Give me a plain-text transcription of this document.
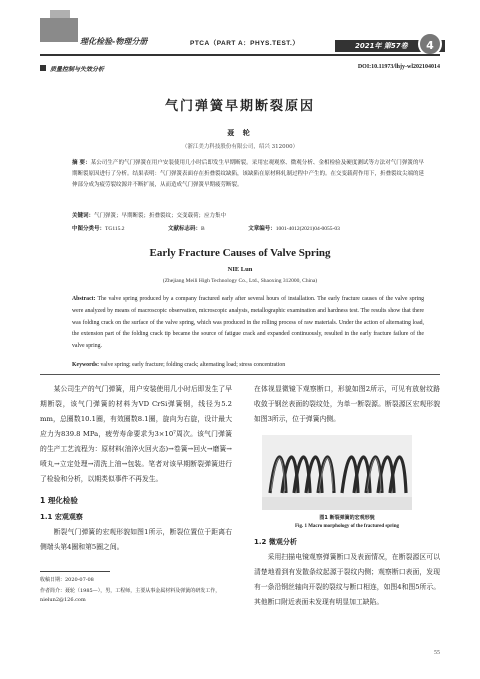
理化检验-物理分册	PTCA（PART A：PHYS.TEST.）	2021年 第57卷	4
质量控制与失效分析	DOI:10.11973/lhjy-wl202104014
气门弹簧早期断裂原因
聂 轮
（浙江美力科技股份有限公司，绍兴 312000）
摘 要：某公司生产的气门弹簧在用户安装使用几小时后即发生早期断裂。采用宏观观察、微观分析、金相检验及硬度测试等方法对气门弹簧的早期断裂原因进行了分析。结果表明：气门弹簧表面存在折叠裂纹缺陷，该缺陷在原材料轧制过程中产生的。在交变载荷作用下，折叠裂纹尖端的延伸部分成为疲劳裂纹源并不断扩展，从而造成气门弹簧早期疲劳断裂。
关键词：气门弹簧；早期断裂；折叠裂纹；交变载荷；应力集中
中图分类号：TG115.2	文献标志码：B	文章编号：1001-4012(2021)04-0055-03
Early Fracture Causes of Valve Spring
NIE Lun
(Zhejiang Meili High Technology Co., Ltd., Shaoxing 312000, China)
Abstract: The valve spring produced by a company fractured early after several hours of installation. The early fracture causes of the valve spring were analyzed by means of macroscopic observation, microscopic analysis, metallographic examination and hardness test. The results show that there was folding crack on the surface of the valve spring, which was produced in the rolling process of raw materials. Under the action of alternating load, the extension part of the folding crack tip became the source of fatigue crack and expanded continuously, resulted in the early fracture failure of the valve spring.
Keywords: valve spring; early fracture; folding crack; alternating load; stress concentration

某公司生产的气门弹簧，用户安装使用几小时后即发生了早期断裂，该气门弹簧的材料为VD CrSi弹簧钢，线径为5.2 mm，总圈数10.1圈，有效圈数8.1圈，旋向为右旋，设计最大应力为839.8 MPa，疲劳寿命要求为3×10⁷周次。该气门弹簧的生产工艺流程为：原材料(油淬火回火态)→卷簧→回火→磨簧→喷丸→立定处理→清洗上油→包装。笔者对该早期断裂弹簧进行了检验和分析，以期类似事件不再发生。

1 理化检验

1.1 宏观观察

断裂气门弹簧的宏观形貌如图1所示，断裂位置位于距离右侧端头第4圈和第5圈之间。

收稿日期：2020-07-08
作者简介：聂轮（1985—），男，工程师，主要从事金属材料及弹簧的研发工作，nielun2@126.com
在体视显微镜下观察断口，形貌如图2所示，可见有放射纹路收敛于钢丝表面的裂纹处，为单一断裂源。断裂源区宏观形貌如图3所示，位于弹簧内侧。
图1 断裂弹簧的宏观形貌
Fig. 1 Macro morphology of the fractured spring

1.2 微观分析

采用扫描电镜观察弹簧断口及表面情况，在断裂源区可以清楚地看到有发散条纹起源于裂纹内侧；观察断口表面，发现有一条沿钢丝轴向开裂的裂纹与断口相连，如图4和图5所示。其他断口附近表面未发现有明显加工缺陷。

55
